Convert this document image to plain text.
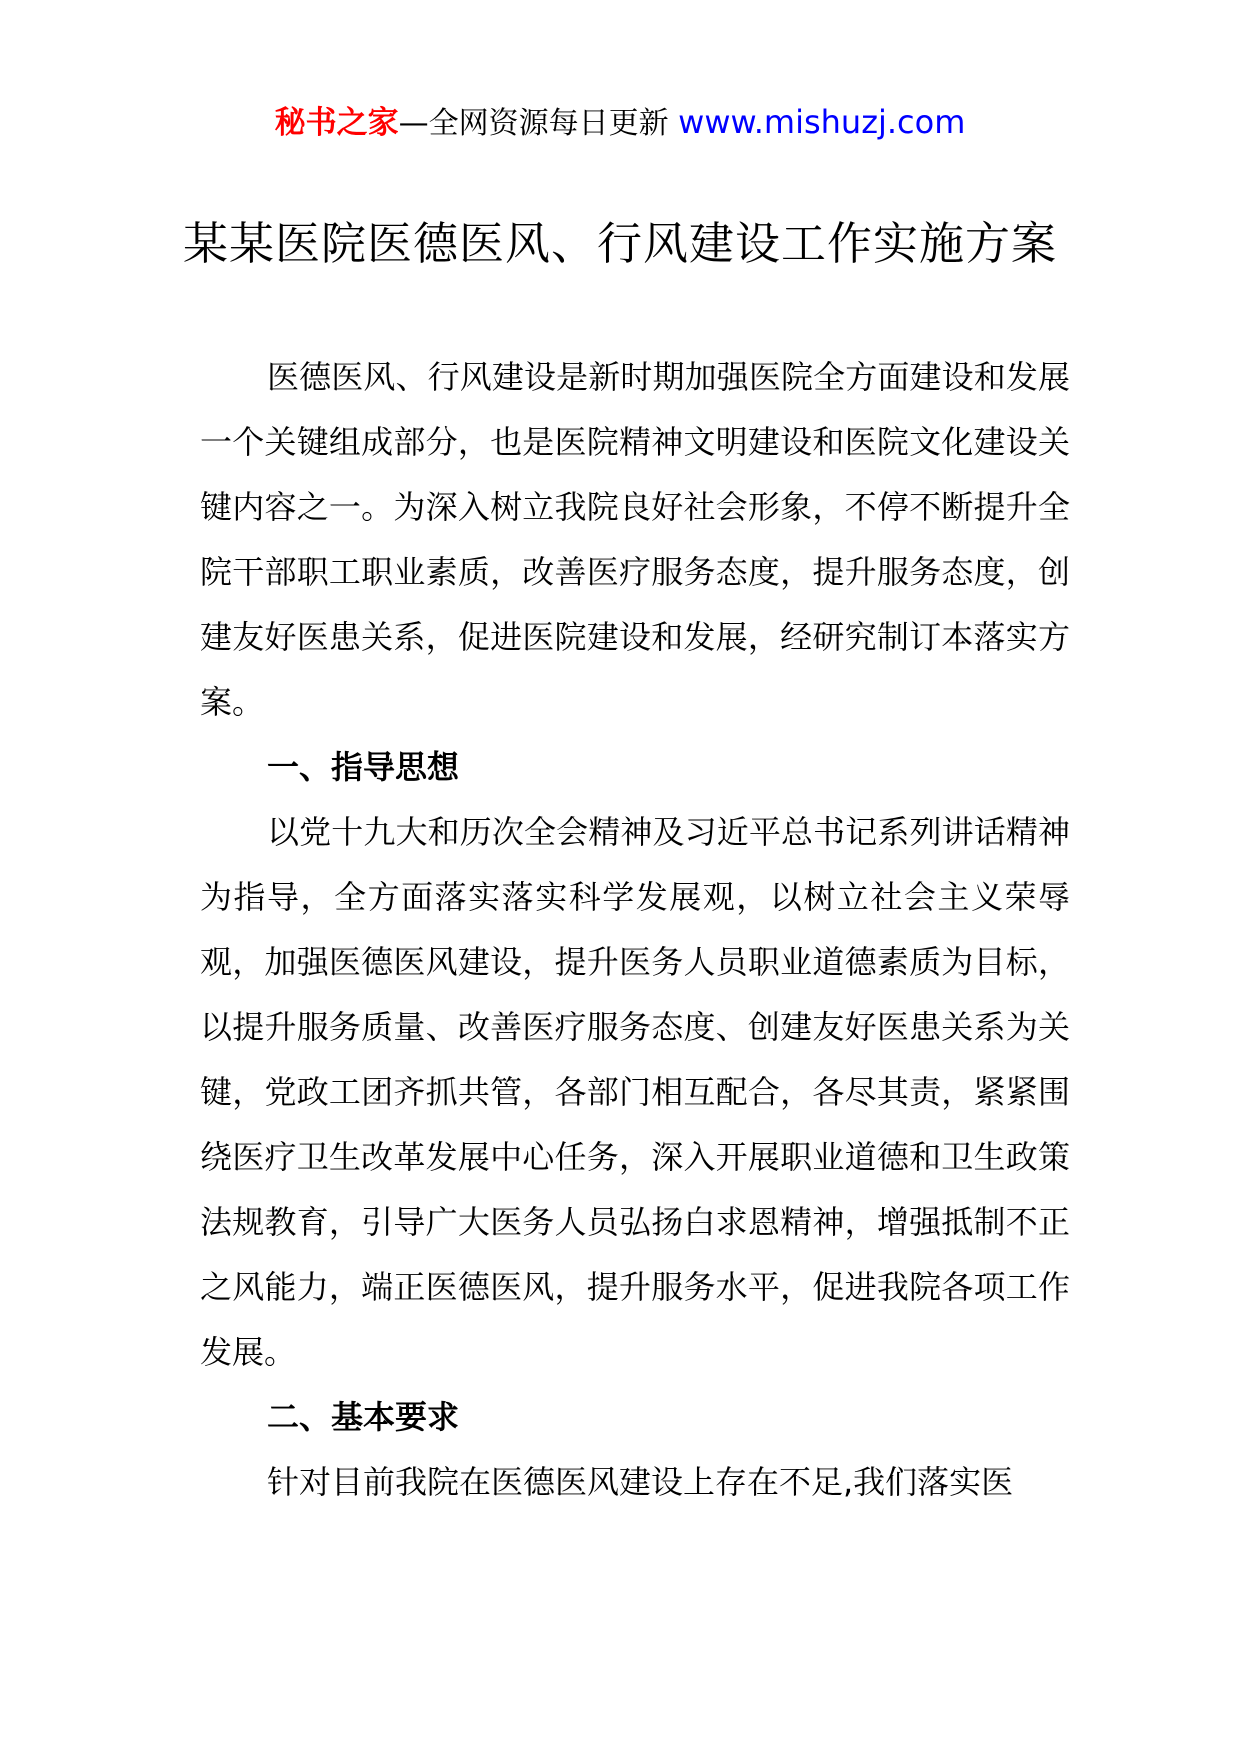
秘书之家—全网资源每日更新 www.mishuzj.com
某某医院医德医风、行风建设工作实施方案

医德医风、行风建设是新时期加强医院全方面建设和发展一个关键组成部分，也是医院精神文明建设和医院文化建设关键内容之一。为深入树立我院良好社会形象，不停不断提升全院干部职工职业素质，改善医疗服务态度，提升服务态度，创建友好医患关系，促进医院建设和发展，经研究制订本落实方案。

一、指导思想

以党十九大和历次全会精神及习近平总书记系列讲话精神为指导，全方面落实落实科学发展观，以树立社会主义荣辱观，加强医德医风建设，提升医务人员职业道德素质为目标，以提升服务质量、改善医疗服务态度、创建友好医患关系为关键，党政工团齐抓共管，各部门相互配合，各尽其责，紧紧围绕医疗卫生改革发展中心任务，深入开展职业道德和卫生政策法规教育，引导广大医务人员弘扬白求恩精神，增强抵制不正之风能力，端正医德医风，提升服务水平，促进我院各项工作发展。

二、基本要求

针对目前我院在医德医风建设上存在不足,我们落实医
